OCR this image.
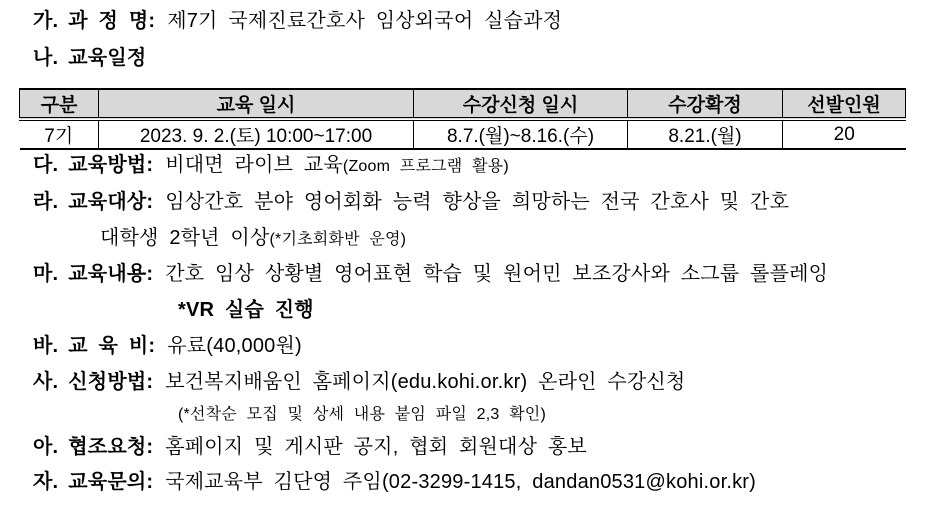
가. 과 정 명: 제7기 국제진료간호사 임상외국어 실습과정
나. 교육일정
구분	교육 일시	수강신청 일시	수강확정	선발인원
7기	2023. 9. 2.(토) 10:00~17:00	8.7.(월)~8.16.(수)	8.21.(월)	20
다. 교육방법: 비대면 라이브 교육(Zoom 프로그램 활용)
라. 교육대상: 임상간호 분야 영어회화 능력 향상을 희망하는 전국 간호사 및 간호
대학생 2학년 이상(*기초회화반 운영)
마. 교육내용: 간호 임상 상황별 영어표현 학습 및 원어민 보조강사와 소그룹 롤플레잉
*VR 실습 진행
바. 교 육 비: 유료(40,000원)
사. 신청방법: 보건복지배움인 홈페이지(edu.kohi.or.kr) 온라인 수강신청
(*선착순 모집 및 상세 내용 붙임 파일 2,3 확인)
아. 협조요청: 홈페이지 및 게시판 공지, 협회 회원대상 홍보
자. 교육문의: 국제교육부 김단영 주임(02-3299-1415, dandan0531@kohi.or.kr)
